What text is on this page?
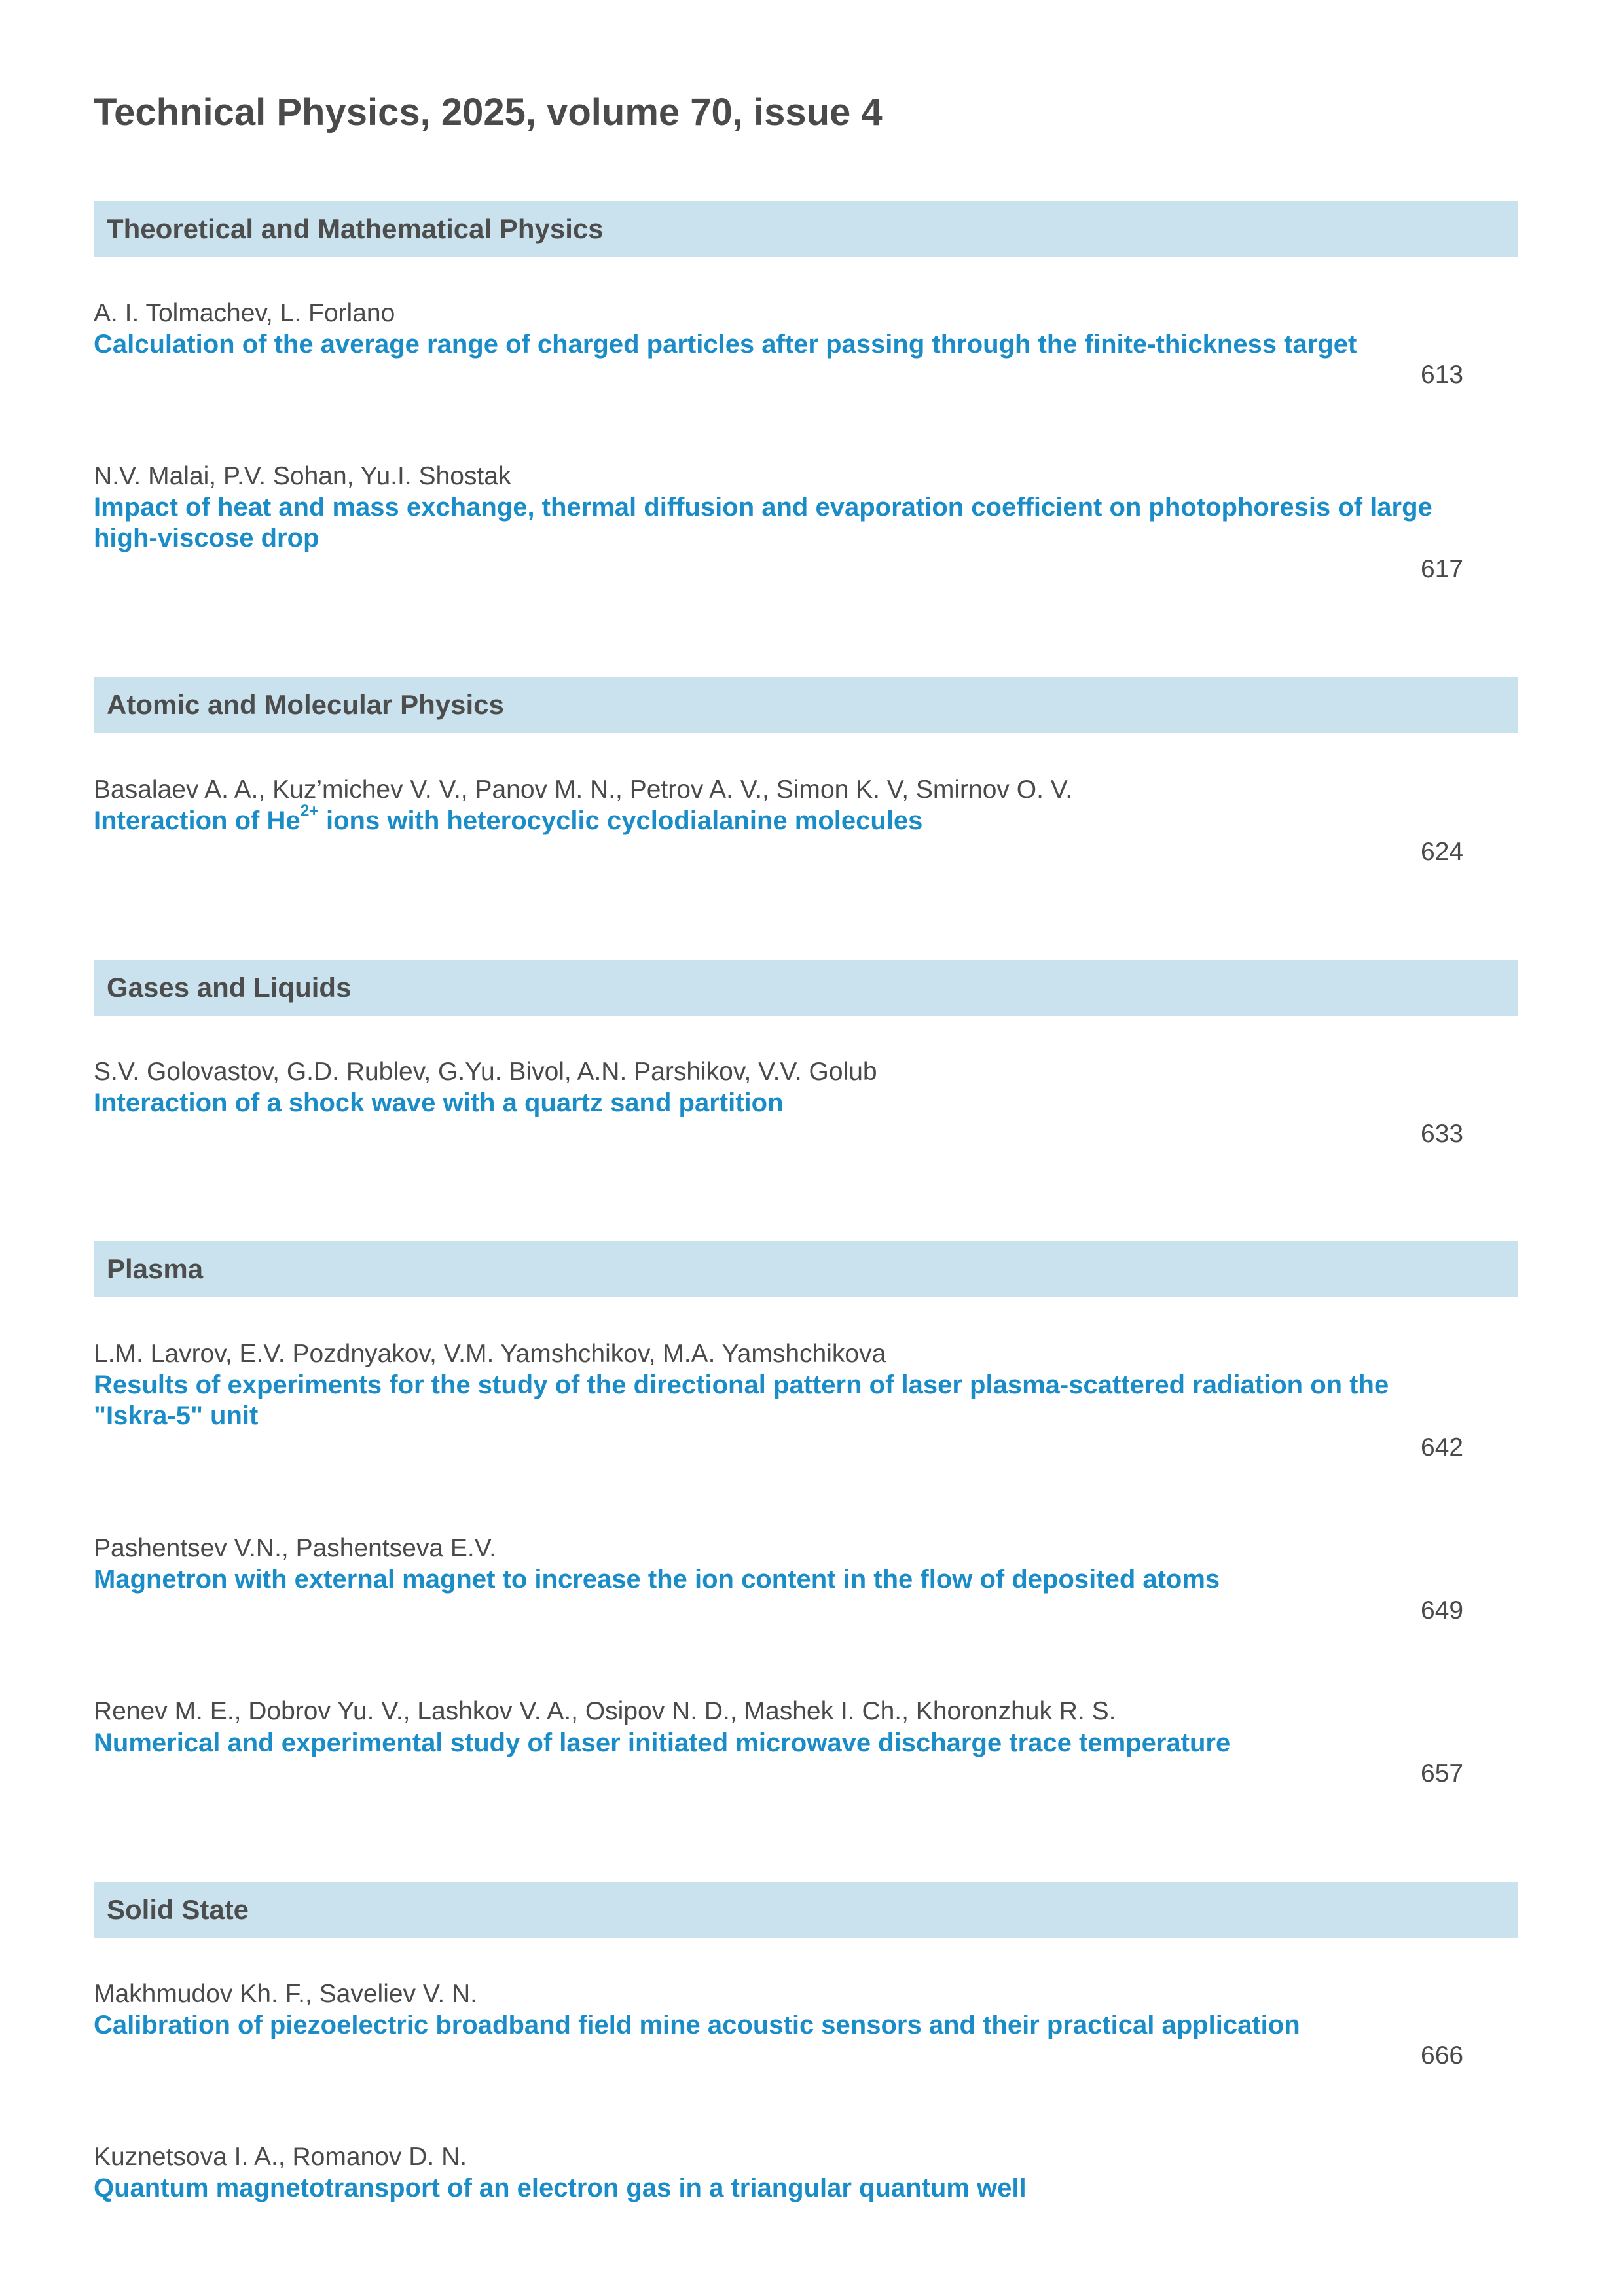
Technical Physics, 2025, volume 70, issue 4
Theoretical and Mathematical Physics
A. I. Tolmachev, L. Forlano
Calculation of the average range of charged particles after passing through the finite-thickness target
613
N.V. Malai, P.V. Sohan, Yu.I. Shostak
Impact of heat and mass exchange, thermal diffusion and evaporation coefficient on photophoresis of large high-viscose drop
617
Atomic and Molecular Physics
Basalaev A. A., Kuz’michev V. V., Panov M. N., Petrov A. V., Simon K. V, Smirnov O. V.
Interaction of $He^{2+}$ ions with heterocyclic cyclodialanine molecules
624
Gases and Liquids
S.V. Golovastov, G.D. Rublev, G.Yu. Bivol, A.N. Parshikov, V.V. Golub
Interaction of a shock wave with a quartz sand partition
633
Plasma
L.M. Lavrov, E.V. Pozdnyakov, V.M. Yamshchikov, M.A. Yamshchikova
Results of experiments for the study of the directional pattern of laser plasma-scattered radiation on the "Iskra-5" unit
642
Pashentsev V.N., Pashentseva E.V.
Magnetron with external magnet to increase the ion content in the flow of deposited atoms
649
Renev M. E., Dobrov Yu. V., Lashkov V. A., Osipov N. D., Mashek I. Ch., Khoronzhuk R. S.
Numerical and experimental study of laser initiated microwave discharge trace temperature
657
Solid State
Makhmudov Kh. F., Saveliev V. N.
Calibration of piezoelectric broadband field mine acoustic sensors and their practical application
666
Kuznetsova I. A., Romanov D. N.
Quantum magnetotransport of an electron gas in a triangular quantum well
